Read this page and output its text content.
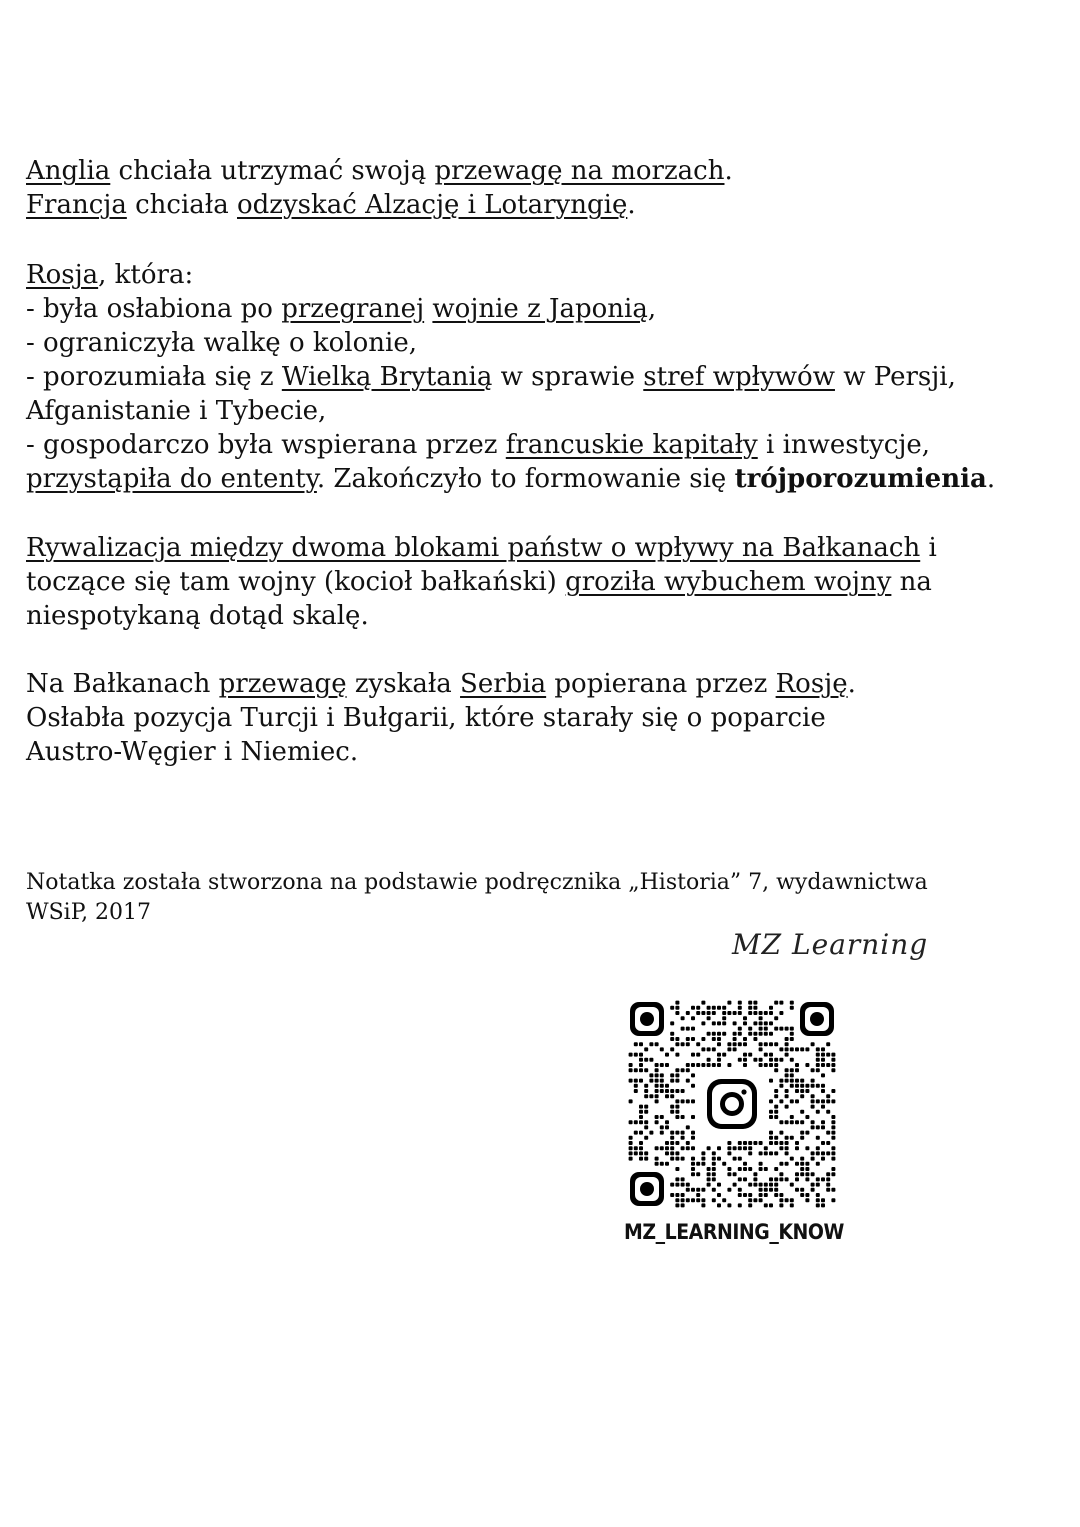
Anglia chciała utrzymać swoją przewagę na morzach.
Francja chciała odzyskać Alzację i Lotaryngię.
Rosja, która:
- była osłabiona po przegranej wojnie z Japonią,
- ograniczyła walkę o kolonie,
- porozumiała się z Wielką Brytanią w sprawie stref wpływów w Persji,
Afganistanie i Tybecie,
- gospodarczo była wspierana przez francuskie kapitały i inwestycje,
przystąpiła do ententy. Zakończyło to formowanie się trójporozumienia.
Rywalizacja między dwoma blokami państw o wpływy na Bałkanach i
toczące się tam wojny (kocioł bałkański) groziła wybuchem wojny na
niespotykaną dotąd skalę.
Na Bałkanach przewagę zyskała Serbia popierana przez Rosję.
Osłabła pozycja Turcji i Bułgarii, które starały się o poparcie
Austro-Węgier i Niemiec.
Notatka została stworzona na podstawie podręcznika „Historia” 7, wydawnictwa
WSiP, 2017
MZ Learning
MZ_LEARNING_KNOW
